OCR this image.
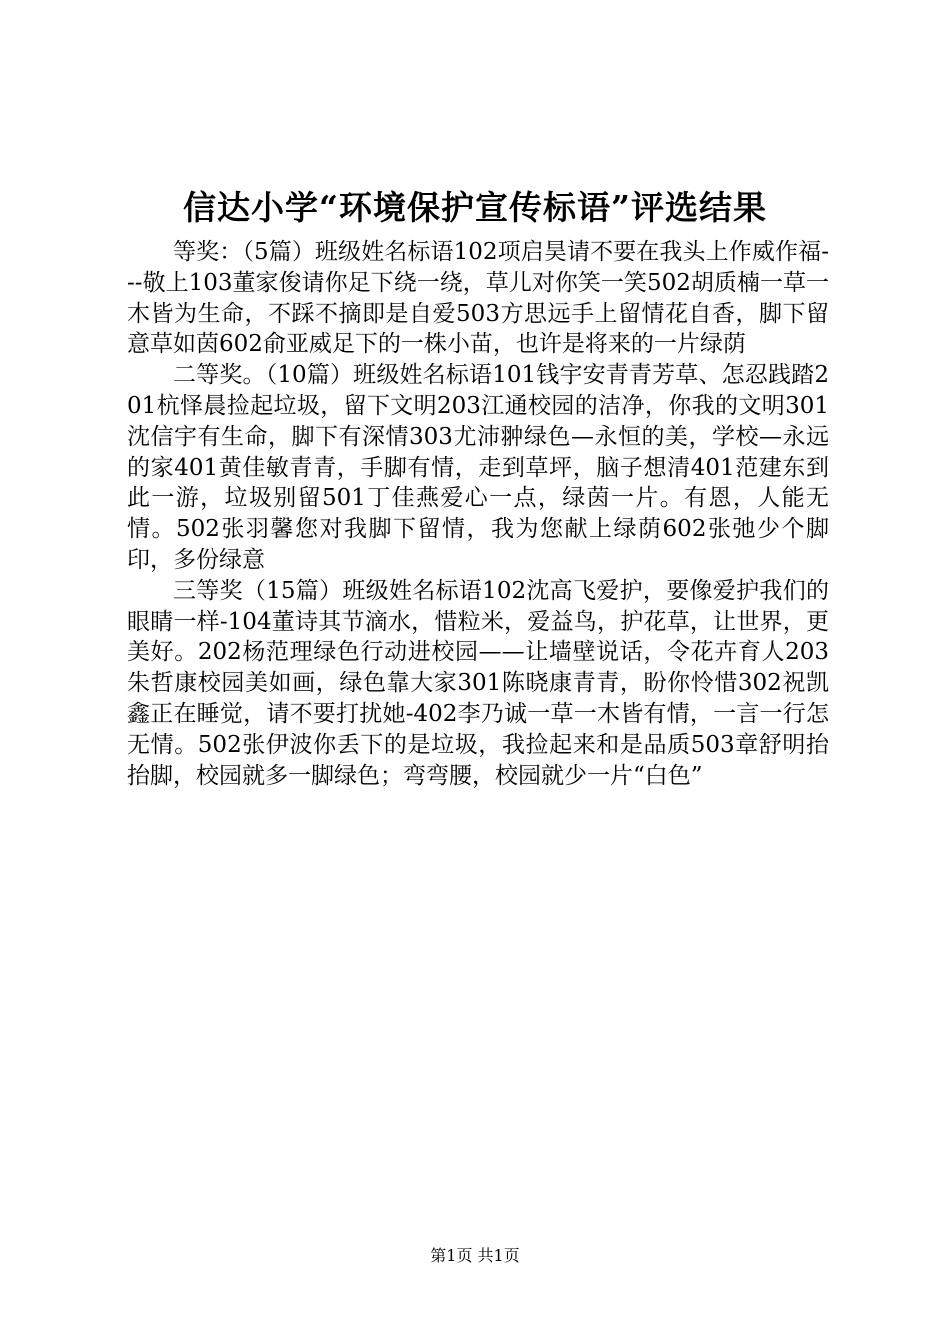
信达小学“环境保护宣传标语”评选结果

等奖：（5篇）班级姓名标语102项启昊请不要在我头上作威作福---敬上103董家俊请你足下绕一绕，草儿对你笑一笑502胡质楠一草一木皆为生命，不踩不摘即是自爱503方思远手上留情花自香，脚下留意草如茵602俞亚威足下的一株小苗，也许是将来的一片绿荫

二等奖。（10篇）班级姓名标语101钱宇安青青芳草、怎忍践踏201杭怿晨捡起垃圾，留下文明203江通校园的洁净，你我的文明301沈信宇有生命，脚下有深情303尤沛翀绿色—永恒的美，学校—永远的家401黄佳敏青青，手脚有情，走到草坪，脑子想清401范建东到此一游，垃圾别留501丁佳燕爱心一点，绿茵一片。有恩，人能无情。502张羽馨您对我脚下留情，我为您献上绿荫602张弛少个脚印，多份绿意

三等奖（15篇）班级姓名标语102沈高飞爱护，要像爱护我们的眼睛一样-104董诗其节滴水，惜粒米，爱益鸟，护花草，让世界，更美好。202杨范理绿色行动进校园——让墙壁说话，令花卉育人203朱哲康校园美如画，绿色靠大家301陈晓康青青，盼你怜惜302祝凯鑫正在睡觉，请不要打扰她-402李乃诚一草一木皆有情，一言一行怎无情。502张伊波你丢下的是垃圾，我捡起来和是品质503章舒明抬抬脚，校园就多一脚绿色；弯弯腰，校园就少一片“白色”

第1页 共1页
